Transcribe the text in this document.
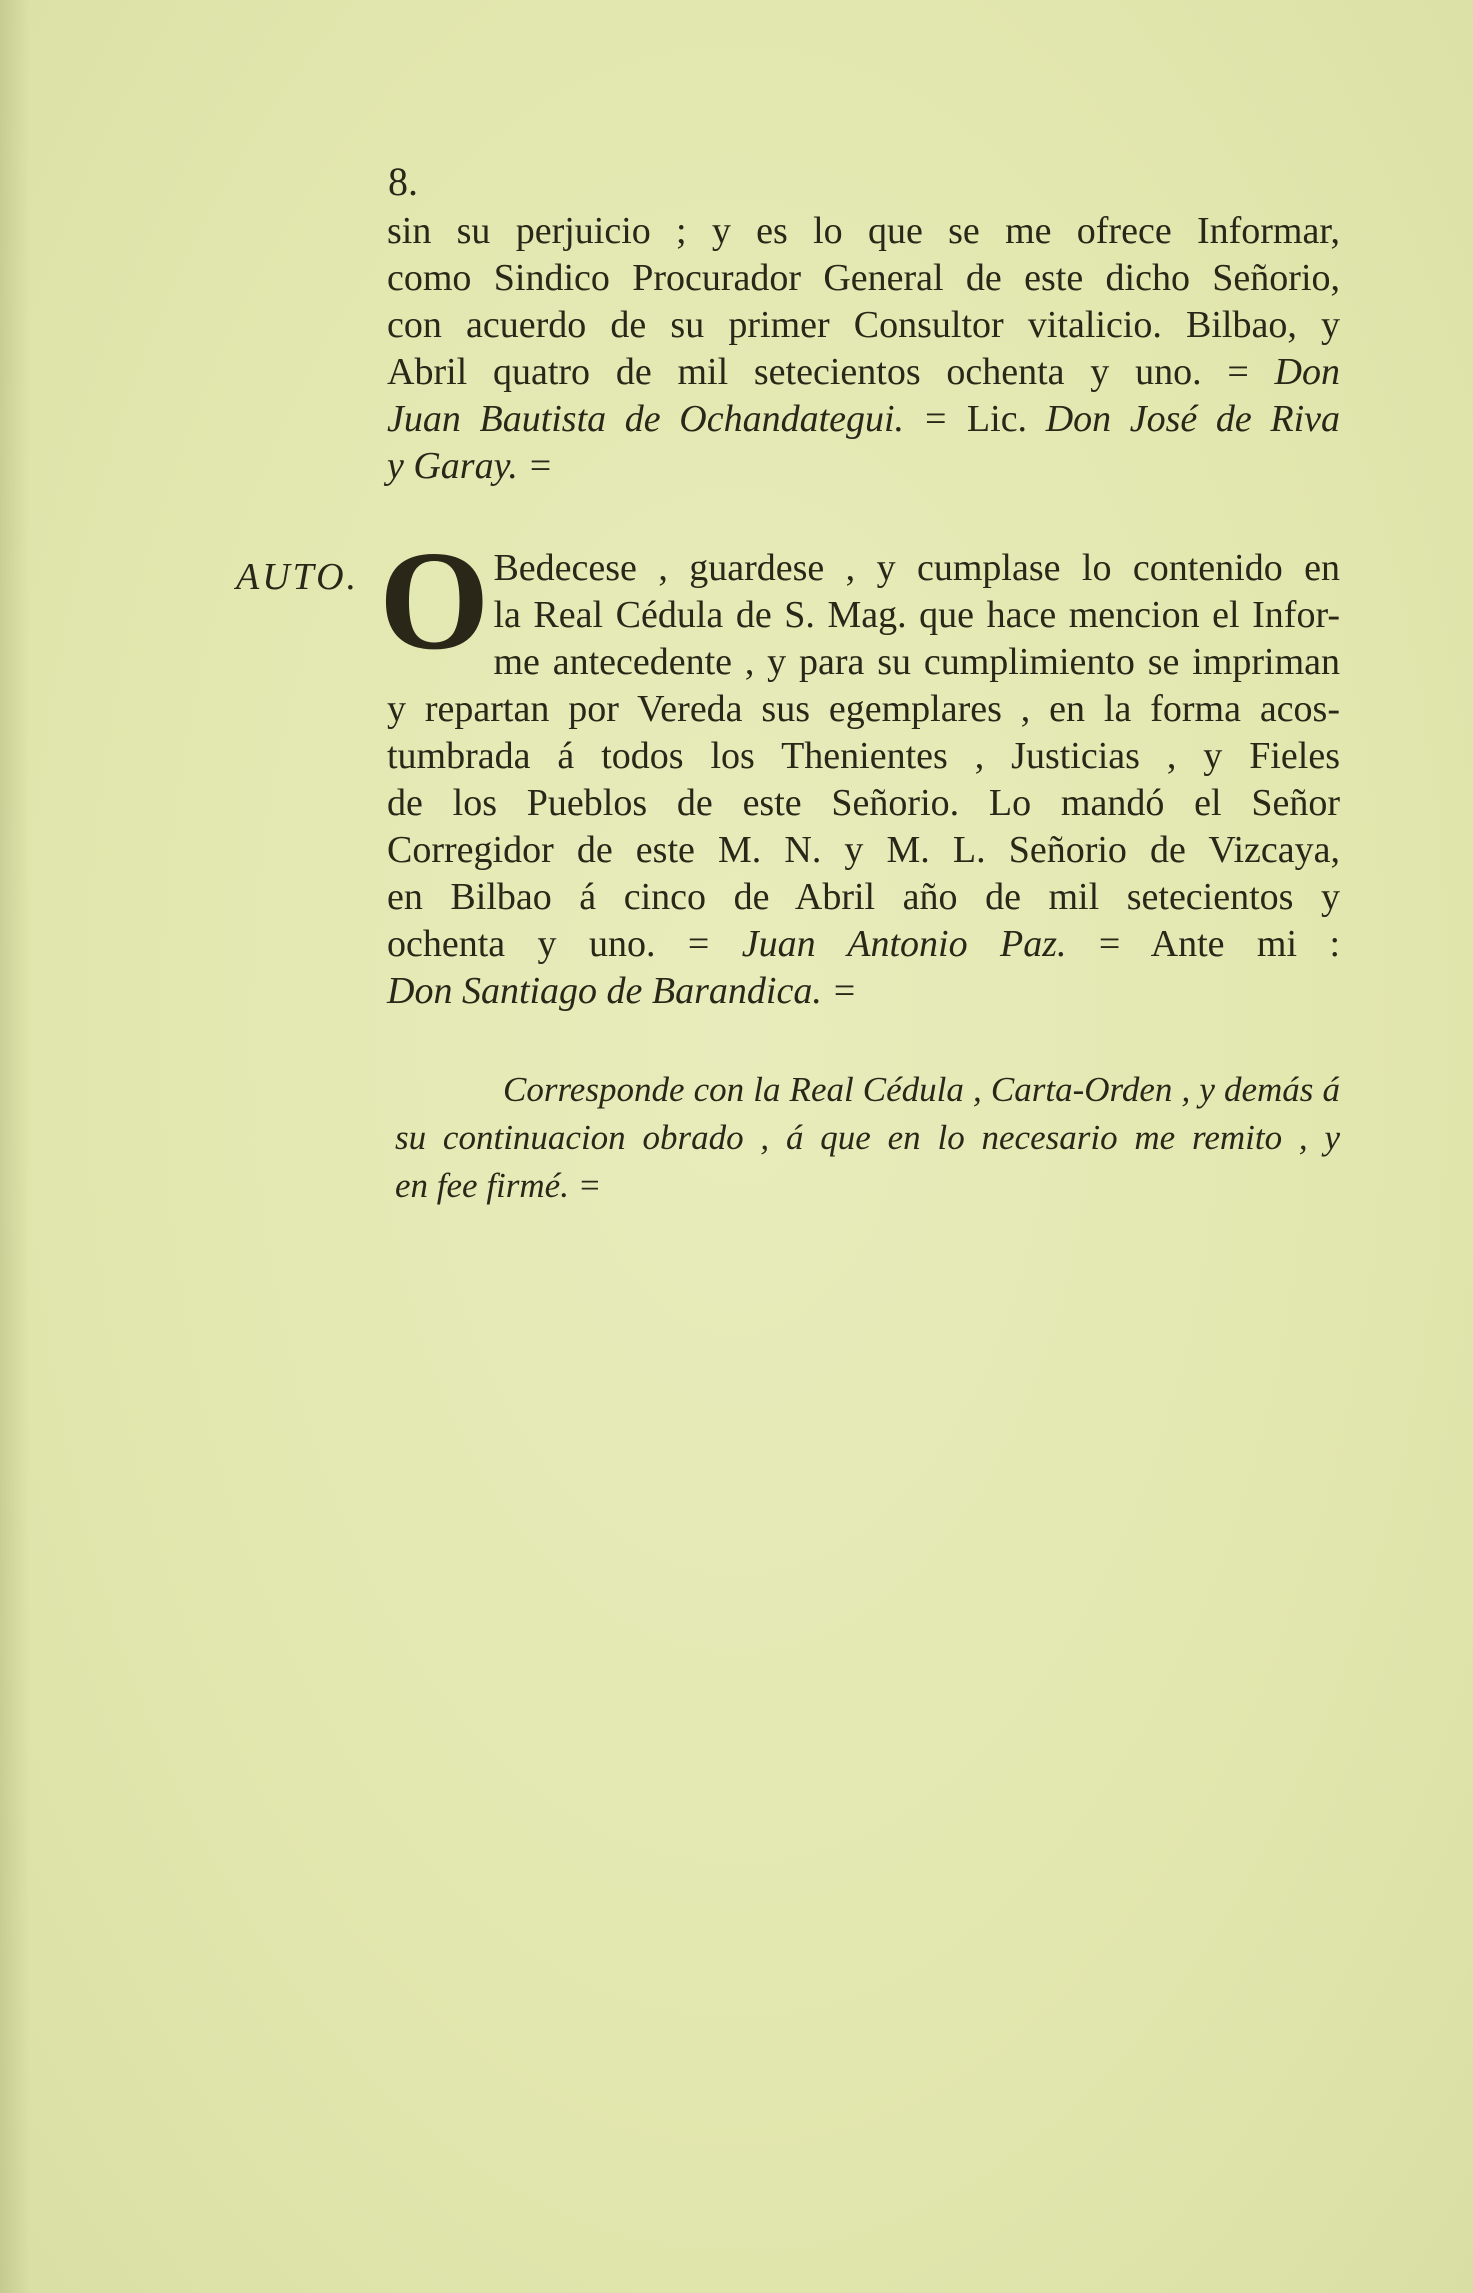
8.
sin su perjuicio ; y es lo que se me ofrece Informar,
como Sindico Procurador General de este dicho Señorio,
con acuerdo de su primer Consultor vitalicio. Bilbao, y
Abril quatro de mil setecientos ochenta y uno. = Don
Juan Bautista de Ochandategui. = Lic. Don José de Riva
y Garay. =
AUTO. O Bedecese , guardese , y cumplase lo contenido en
la Real Cédula de S. Mag. que hace mencion el Infor-
me antecedente , y para su cumplimiento se impriman
y repartan por Vereda sus egemplares , en la forma acos-
tumbrada á todos los Thenientes , Justicias , y Fieles
de los Pueblos de este Señorio. Lo mandó el Señor
Corregidor de este M. N. y M. L. Señorio de Vizcaya,
en Bilbao á cinco de Abril año de mil setecientos y
ochenta y uno. = Juan Antonio Paz. = Ante mi :
Don Santiago de Barandica. =
Corresponde con la Real Cédula , Carta-Orden , y demás á
su continuacion obrado , á que en lo necesario me remito , y
en fee firmé. =
